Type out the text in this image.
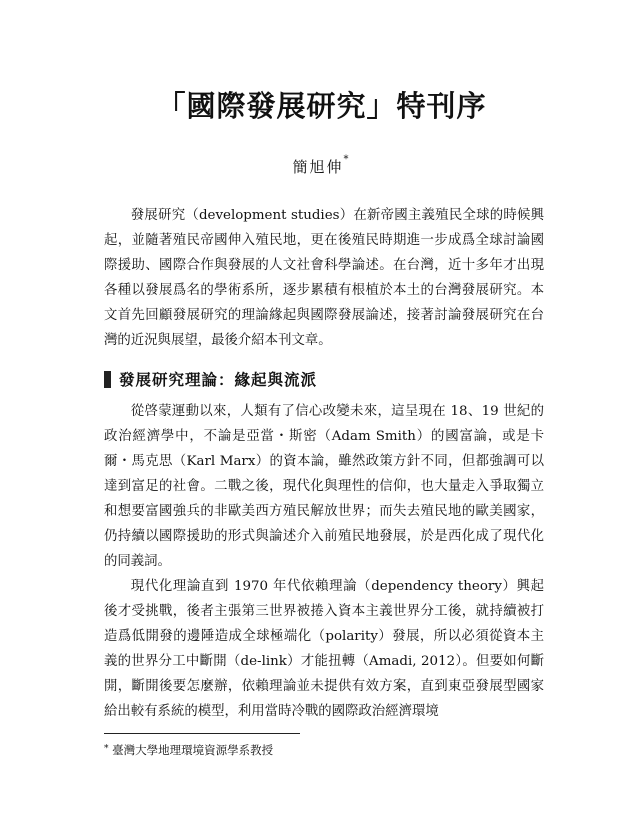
「國際發展研究」特刊序
簡旭伸*

發展研究（development studies）在新帝國主義殖民全球的時候興起，並隨著殖民帝國伸入殖民地，更在後殖民時期進一步成爲全球討論國際援助、國際合作與發展的人文社會科學論述。在台灣，近十多年才出現各種以發展爲名的學術系所，逐步累積有根植於本土的台灣發展研究。本文首先回顧發展研究的理論緣起與國際發展論述，接著討論發展研究在台灣的近況與展望，最後介紹本刊文章。

發展研究理論：緣起與流派

從啓蒙運動以來，人類有了信心改變未來，這呈現在 18、19 世紀的政治經濟學中，不論是亞當・斯密（Adam Smith）的國富論，或是卡爾・馬克思（Karl Marx）的資本論，雖然政策方針不同，但都強調可以達到富足的社會。二戰之後，現代化與理性的信仰，也大量走入爭取獨立和想要富國強兵的非歐美西方殖民解放世界；而失去殖民地的歐美國家，仍持續以國際援助的形式與論述介入前殖民地發展，於是西化成了現代化的同義詞。

現代化理論直到 1970 年代依賴理論（dependency theory）興起後才受挑戰，後者主張第三世界被捲入資本主義世界分工後，就持續被打造爲低開發的邊陲造成全球極端化（polarity）發展，所以必須從資本主義的世界分工中斷開（de-link）才能扭轉（Amadi, 2012）。但要如何斷開，斷開後要怎麼辦，依賴理論並未提供有效方案，直到東亞發展型國家給出較有系統的模型，利用當時冷戰的國際政治經濟環境

* 臺灣大學地理環境資源學系教授
